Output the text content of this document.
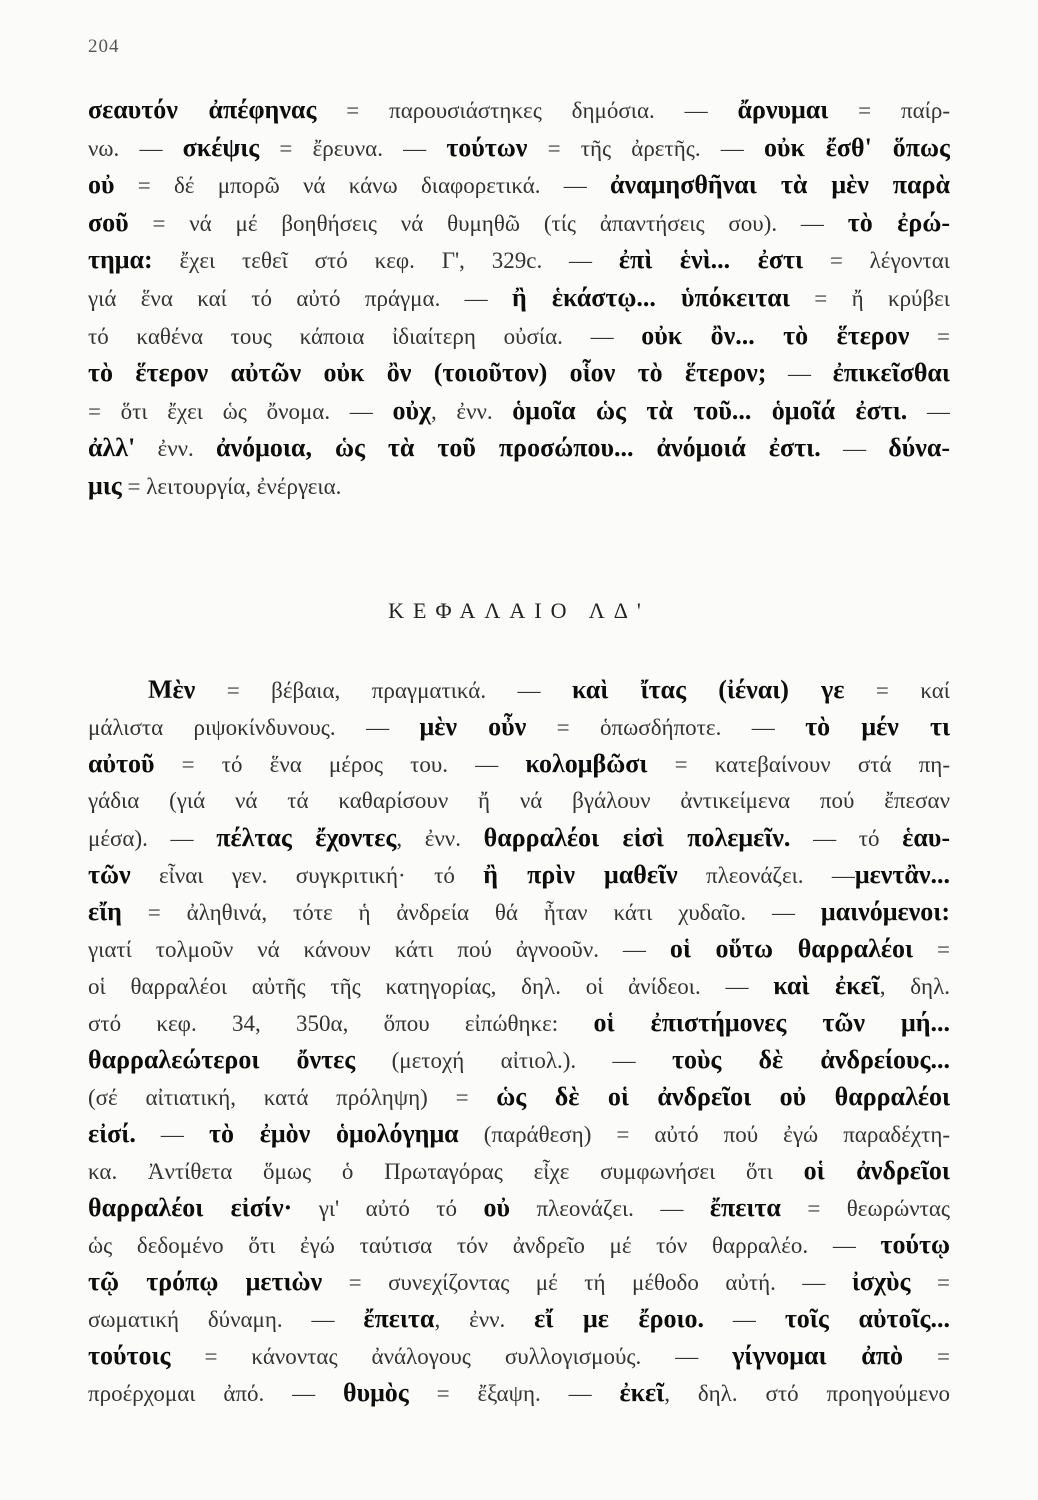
204
σεαυτόν ἀπέφηνας = παρουσιάστηκες δημόσια. — ἄρνυμαι = παίρ-
νω. — σκέψις = ἔρευνα. — τούτων = τῆς ἀρετῆς. — οὐκ ἔσθ' ὅπως
οὐ = δέ μπορῶ νά κάνω διαφορετικά. — ἀναμησθῆναι τὰ μὲν παρὰ
σοῦ = νά μέ βοηθήσεις νά θυμηθῶ (τίς ἀπαντήσεις σου). — τὸ ἐρώ-
τημα: ἔχει τεθεῖ στό κεφ. Γ', 329c. — ἐπὶ ἑνὶ... ἐστι = λέγονται
γιά ἕνα καί τό αὐτό πράγμα. — ἢ ἑκάστῳ... ὑπόκειται = ἤ κρύβει
τό καθένα τους κάποια ἰδιαίτερη οὐσία. — οὐκ ὂν... τὸ ἕτερον =
τὸ ἕτερον αὐτῶν οὐκ ὂν (τοιοῦτον) οἷον τὸ ἕτερον; — ἐπικεῖσθαι
= ὅτι ἔχει ὡς ὄνομα. — οὐχ, ἐνν. ὁμοῖα ὡς τὰ τοῦ... ὁμοῖά ἐστι. —
ἀλλ' ἐνν. ἀνόμοια, ὡς τὰ τοῦ προσώπου... ἀνόμοιά ἐστι. — δύνα-
μις = λειτουργία, ἐνέργεια.
ΚΕΦΑΛΑΙΟ ΛΔ'
Μὲν = βέβαια, πραγματικά. — καὶ ἴτας (ἰέναι) γε = καί
μάλιστα ριψοκίνδυνους. — μὲν οὖν = ὁπωσδήποτε. — τὸ μέν τι
αὐτοῦ = τό ἕνα μέρος του. — κολομβῶσι = κατεβαίνουν στά πη-
γάδια (γιά νά τά καθαρίσουν ἤ νά βγάλουν ἀντικείμενα πού ἔπεσαν
μέσα). — πέλτας ἔχοντες, ἐνν. θαρραλέοι εἰσὶ πολεμεῖν. — τό ἑαυ-
τῶν εἶναι γεν. συγκριτική· τό ἢ πρὶν μαθεῖν πλεονάζει. —μεντἂν...
εἴη = ἀληθινά, τότε ἡ ἀνδρεία θά ἦταν κάτι χυδαῖο. — μαινόμενοι:
γιατί τολμοῦν νά κάνουν κάτι πού ἀγνοοῦν. — οἱ οὕτω θαρραλέοι =
οἱ θαρραλέοι αὐτῆς τῆς κατηγορίας, δηλ. οἱ ἀνίδεοι. — καὶ ἐκεῖ, δηλ.
στό κεφ. 34, 350α, ὅπου εἰπώθηκε: οἱ ἐπιστήμονες τῶν μή...
θαρραλεώτεροι ὄντες (μετοχή αἰτιολ.). — τοὺς δὲ ἀνδρείους...
(σέ αἰτιατική, κατά πρόληψη) = ὡς δὲ οἱ ἀνδρεῖοι οὐ θαρραλέοι
εἰσί. — τὸ ἐμὸν ὁμολόγημα (παράθεση) = αὐτό πού ἐγώ παραδέχτη-
κα. Ἀντίθετα ὅμως ὁ Πρωταγόρας εἶχε συμφωνήσει ὅτι οἱ ἀνδρεῖοι
θαρραλέοι εἰσίν· γι' αὐτό τό οὐ πλεονάζει. — ἔπειτα = θεωρώντας
ὡς δεδομένο ὅτι ἐγώ ταύτισα τόν ἀνδρεῖο μέ τόν θαρραλέο. — τούτῳ
τῷ τρόπῳ μετιὼν = συνεχίζοντας μέ τή μέθοδο αὐτή. — ἰσχὺς =
σωματική δύναμη. — ἔπειτα, ἐνν. εἴ με ἔροιο. — τοῖς αὐτοῖς...
τούτοις = κάνοντας ἀνάλογους συλλογισμούς. — γίγνομαι ἀπὸ =
προέρχομαι ἀπό. — θυμὸς = ἔξαψη. — ἐκεῖ, δηλ. στό προηγούμενο
